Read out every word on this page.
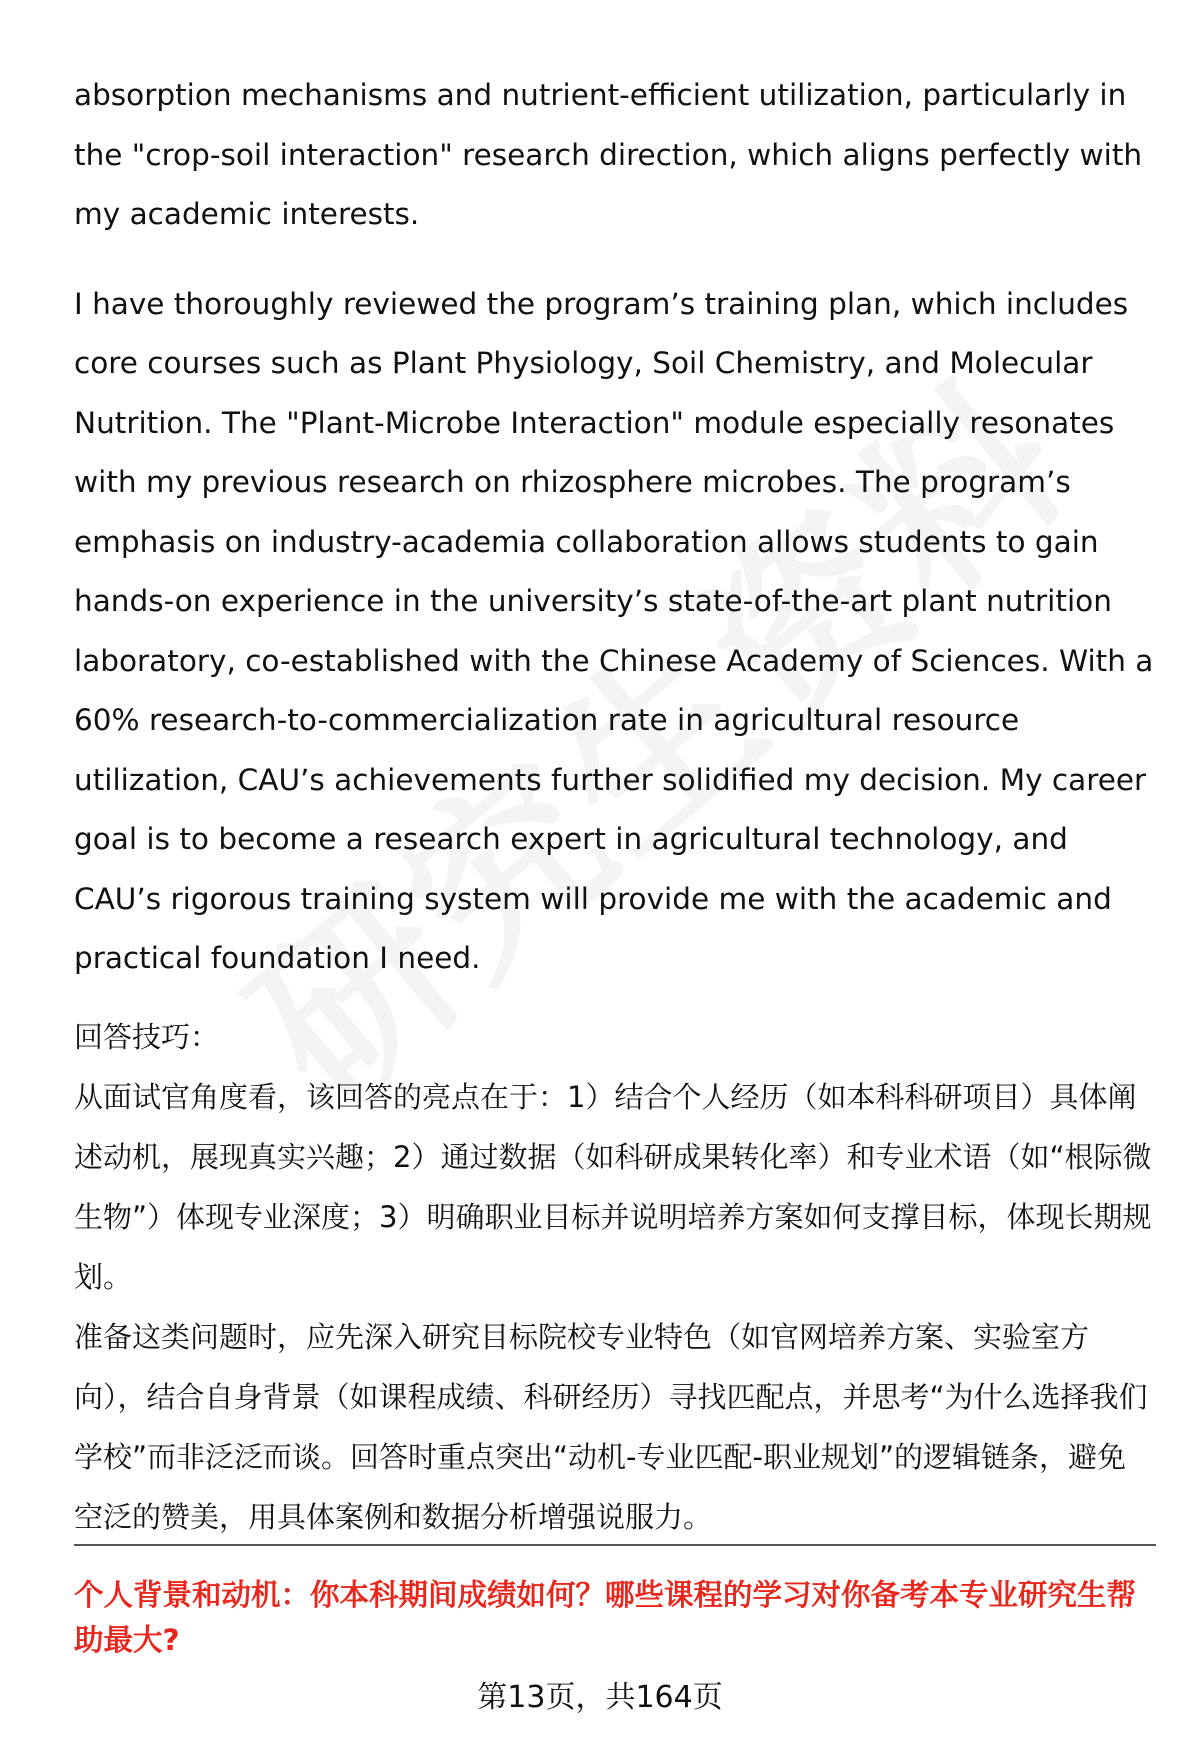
absorption mechanisms and nutrient-efficient utilization, particularly in the "crop-soil interaction" research direction, which aligns perfectly with my academic interests.

I have thoroughly reviewed the program’s training plan, which includes core courses such as Plant Physiology, Soil Chemistry, and Molecular Nutrition. The "Plant-Microbe Interaction" module especially resonates with my previous research on rhizosphere microbes. The program’s emphasis on industry-academia collaboration allows students to gain hands-on experience in the university’s state-of-the-art plant nutrition laboratory, co-established with the Chinese Academy of Sciences. With a 60% research-to-commercialization rate in agricultural resource utilization, CAU’s achievements further solidified my decision. My career goal is to become a research expert in agricultural technology, and CAU’s rigorous training system will provide me with the academic and practical foundation I need.

回答技巧：

从面试官角度看，该回答的亮点在于：1）结合个人经历（如本科科研项目）具体阐述动机，展现真实兴趣；2）通过数据（如科研成果转化率）和专业术语（如“根际微生物”）体现专业深度；3）明确职业目标并说明培养方案如何支撑目标，体现长期规划。

准备这类问题时，应先深入研究目标院校专业特色（如官网培养方案、实验室方向），结合自身背景（如课程成绩、科研经历）寻找匹配点，并思考“为什么选择我们学校”而非泛泛而谈。回答时重点突出“动机-专业匹配-职业规划”的逻辑链条，避免空泛的赞美，用具体案例和数据分析增强说服力。

个人背景和动机：你本科期间成绩如何？哪些课程的学习对你备考本专业研究生帮助最大?

第13页，共164页
